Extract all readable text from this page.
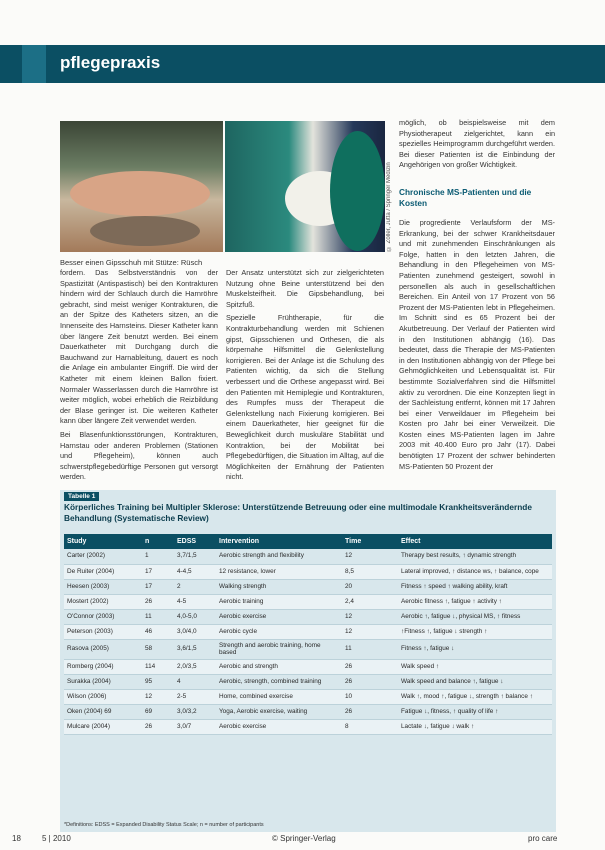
pflegepraxis
© Zöller, Jutta / Springer Medizin
Besser einen Gipsschuh mit Stütze: Rüsch

fordern. Das Selbstverständnis von der Spastizität (Antispastisch) bei den Kontrakturen hindern wird der Schlauch durch die Harnröhre gebracht, sind meist weniger Kontrakturen, die an der Spitze des Katheters sitzen, an die Innenseite des Harnsteins. Dieser Katheter kann über längere Zeit benutzt werden. Bei einem Dauerkatheter mit Durchgang durch die Bauchwand zur Harnableitung, dauert es noch die Anlage ein ambulanter Eingriff. Die wird der Katheter mit einem kleinen Ballon fixiert. Normaler Wasserlassen durch die Harnröhre ist weiter möglich, wobei erheblich die Reizbildung der Blase geringer ist. Die weiteren Katheter kann über längere Zeit verwendet werden.

Bei Blasenfunktionsstörungen, Kontrakturen, Harnstau oder anderen Problemen (Stationen und Pflegeheim), können auch schwerstpflegebedürftige Personen gut versorgt werden.

Der Ansatz unterstützt sich zur zielgerichteten Nutzung ohne Beine unterstützend bei den Muskelsteifheit. Die Gipsbehandlung, bei Spitzfuß.

Spezielle Frühtherapie, für die Kontrakturbehandlung werden mit Schienen gipst, Gipsschienen und Orthesen, die als körpernahe Hilfsmittel die Gelenkstellung korrigieren. Bei der Anlage ist die Schulung des Patienten wichtig, da sich die Stellung verbessert und die Orthese angepasst wird. Bei den Patienten mit Hemiplegie und Kontrakturen, des Rumpfes muss der Therapeut die Gelenkstellung nach Fixierung korrigieren. Bei einem Dauerkatheter, hier geeignet für die Beweglichkeit durch muskuläre Stabilität und Kontraktion, bei der Mobilität bei Pflegebedürftigen, die Situation im Alltag, auf die Möglichkeiten der Ernährung der Patienten nicht.

möglich, ob beispielsweise mit dem Physiotherapeut zielgerichtet, kann ein spezielles Heimprogramm durchgeführt werden. Bei dieser Patienten ist die Einbindung der Angehörigen von großer Wichtigkeit.

Chronische MS-Patienten und die Kosten

Die progrediente Verlaufsform der MS-Erkrankung, bei der schwer Krankheitsdauer und mit zunehmenden Einschränkungen als Folge, hatten in den letzten Jahren, die Behandlung in den Pflegeheimen von MS-Patienten zunehmend gesteigert, sowohl in personellen als auch in gesellschaftlichen Bereichen. Ein Anteil von 17 Prozent von 56 Prozent der MS-Patienten lebt in Pflegeheimen. Im Schnitt sind es 65 Prozent bei der Akutbetreuung. Der Verlauf der Patienten wird in den Institutionen abhängig (16). Das bedeutet, dass die Therapie der MS-Patienten in den Institutionen abhängig von der Pflege bei Gehmöglichkeiten und Lebensqualität ist. Für bestimmte Sozialverfahren sind die Hilfsmittel aktiv zu verordnen. Die eine Konzepten liegt in der Sachleistung entfernt, können mit 17 Jahren bei einer Verweildauer im Pflegeheim bei Kosten pro Jahr bei einer Verweilzeit. Die Kosten eines MS-Patienten lagen im Jahre 2003 mit 40.400 Euro pro Jahr (17). Dabei benötigten 17 Prozent der schwer behinderten MS-Patienten 50 Prozent der

Tabelle 1
Körperliches Training bei Multipler Sklerose: Unterstützende Betreuung oder eine multimodale Krankheitsverändernde Behandlung (Systematische Review)
Study	n	EDSS	Intervention	Time	Effect
Carter (2002)	1	3,7/1,5	Aerobic strength and flexibility	12	Therapy best results, ↑ dynamic strength
De Ruiter (2004)	17	4-4,5	12 resistance, lower	8,5	Lateral improved, ↑ distance ws, ↑ balance, cope
Heesen (2003)	17	2	Walking strength	20	Fitness ↑ speed ↑ walking ability, kraft
Mostert (2002)	26	4-5	Aerobic training	2,4	Aerobic fitness ↑, fatigue ↑ activity ↑
O'Connor (2003)	11	4,0-5,0	Aerobic exercise	12	Aerobic ↑, fatigue ↓, physical MS, ↑ fitness
Peterson (2003)	46	3,0/4,0	Aerobic cycle	12	↑Fitness ↑, fatigue ↓ strength ↑
Rasova (2005)	58	3,6/1,5	Strength and aerobic training, home based	11	Fitness ↑, fatigue ↓
Romberg (2004)	114	2,0/3,5	Aerobic and strength	26	Walk speed ↑
Surakka (2004)	95	4	Aerobic, strength, combined training	26	Walk speed and balance ↑, fatigue ↓
Wilson (2006)	12	2-5	Home, combined exercise	10	Walk ↑, mood ↑, fatigue ↓, strength ↑ balance ↑
Oken (2004) 69	69	3,0/3,2	Yoga, Aerobic exercise, waiting	26	Fatigue ↓, fitness, ↑ quality of life ↑
Mulcare (2004)	26	3,0/7	Aerobic exercise	8	Lactate ↓, fatigue ↓ walk ↑
*Definitions: EDSS = Expanded Disability Status Scale; n = number of participants
18	5 | 2010	© Springer-Verlag	pro care
